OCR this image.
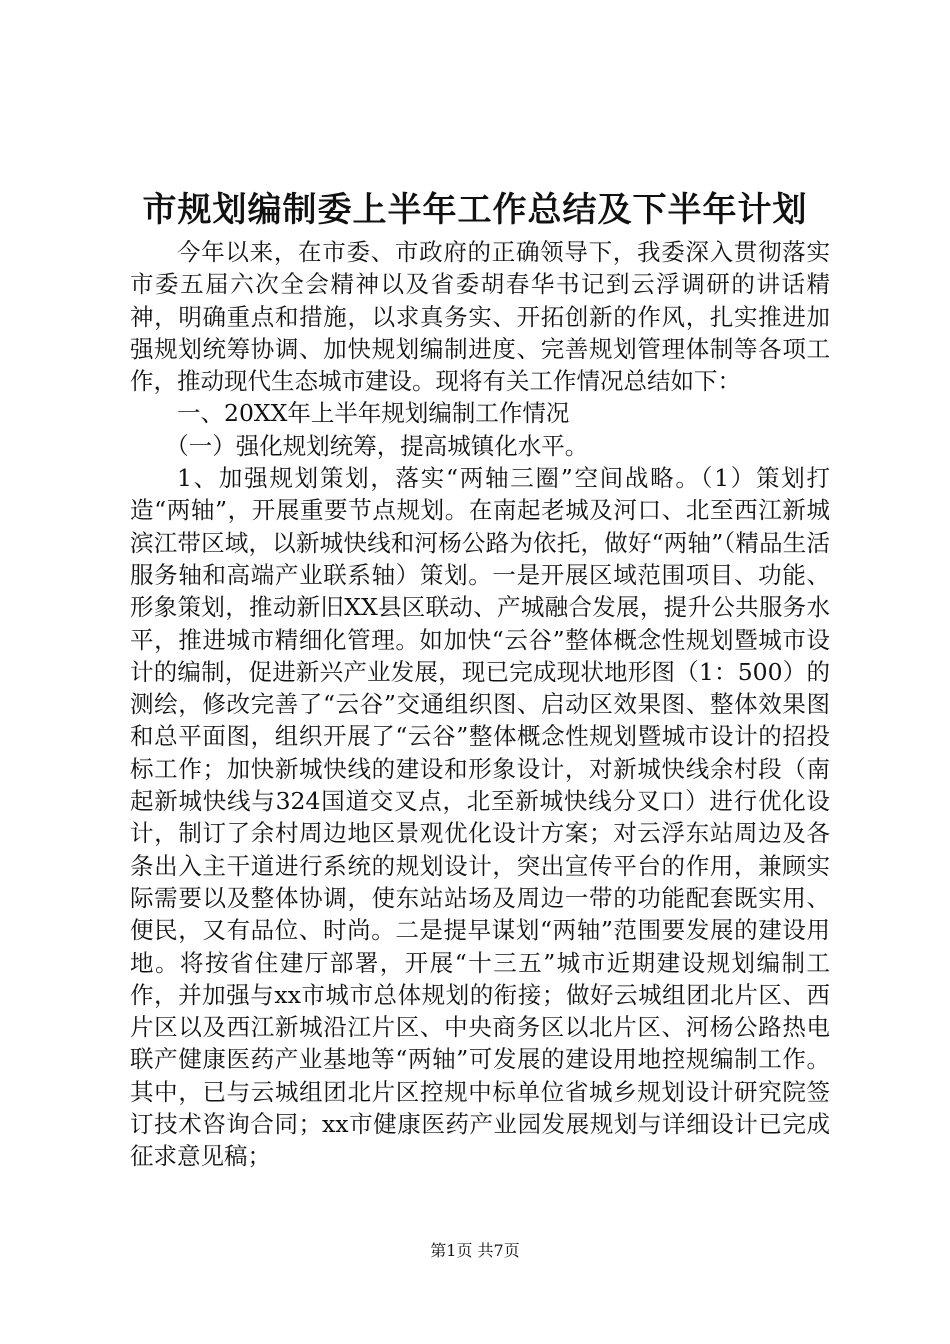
市规划编制委上半年工作总结及下半年计划

今年以来，在市委、市政府的正确领导下，我委深入贯彻落实市委五届六次全会精神以及省委胡春华书记到云浮调研的讲话精神，明确重点和措施，以求真务实、开拓创新的作风，扎实推进加强规划统筹协调、加快规划编制进度、完善规划管理体制等各项工作，推动现代生态城市建设。现将有关工作情况总结如下：

一、20XX年上半年规划编制工作情况

（一）强化规划统筹，提高城镇化水平。

1、加强规划策划，落实“两轴三圈”空间战略。（1）策划打造“两轴”，开展重要节点规划。在南起老城及河口、北至西江新城滨江带区域，以新城快线和河杨公路为依托，做好“两轴”（精品生活服务轴和高端产业联系轴）策划。一是开展区域范围项目、功能、形象策划，推动新旧XX县区联动、产城融合发展，提升公共服务水平，推进城市精细化管理。如加快“云谷”整体概念性规划暨城市设计的编制，促进新兴产业发展，现已完成现状地形图（1：500）的测绘，修改完善了“云谷”交通组织图、启动区效果图、整体效果图和总平面图，组织开展了“云谷”整体概念性规划暨城市设计的招投标工作；加快新城快线的建设和形象设计，对新城快线余村段（南起新城快线与324国道交叉点，北至新城快线分叉口）进行优化设计，制订了余村周边地区景观优化设计方案；对云浮东站周边及各条出入主干道进行系统的规划设计，突出宣传平台的作用，兼顾实际需要以及整体协调，使东站站场及周边一带的功能配套既实用、便民，又有品位、时尚。二是提早谋划“两轴”范围要发展的建设用地。将按省住建厅部署，开展“十三五”城市近期建设规划编制工作，并加强与xx市城市总体规划的衔接；做好云城组团北片区、西片区以及西江新城沿江片区、中央商务区以北片区、河杨公路热电联产健康医药产业基地等“两轴”可发展的建设用地控规编制工作。其中，已与云城组团北片区控规中标单位省城乡规划设计研究院签订技术咨询合同；xx市健康医药产业园发展规划与详细设计已完成征求意见稿；

第1页 共7页
